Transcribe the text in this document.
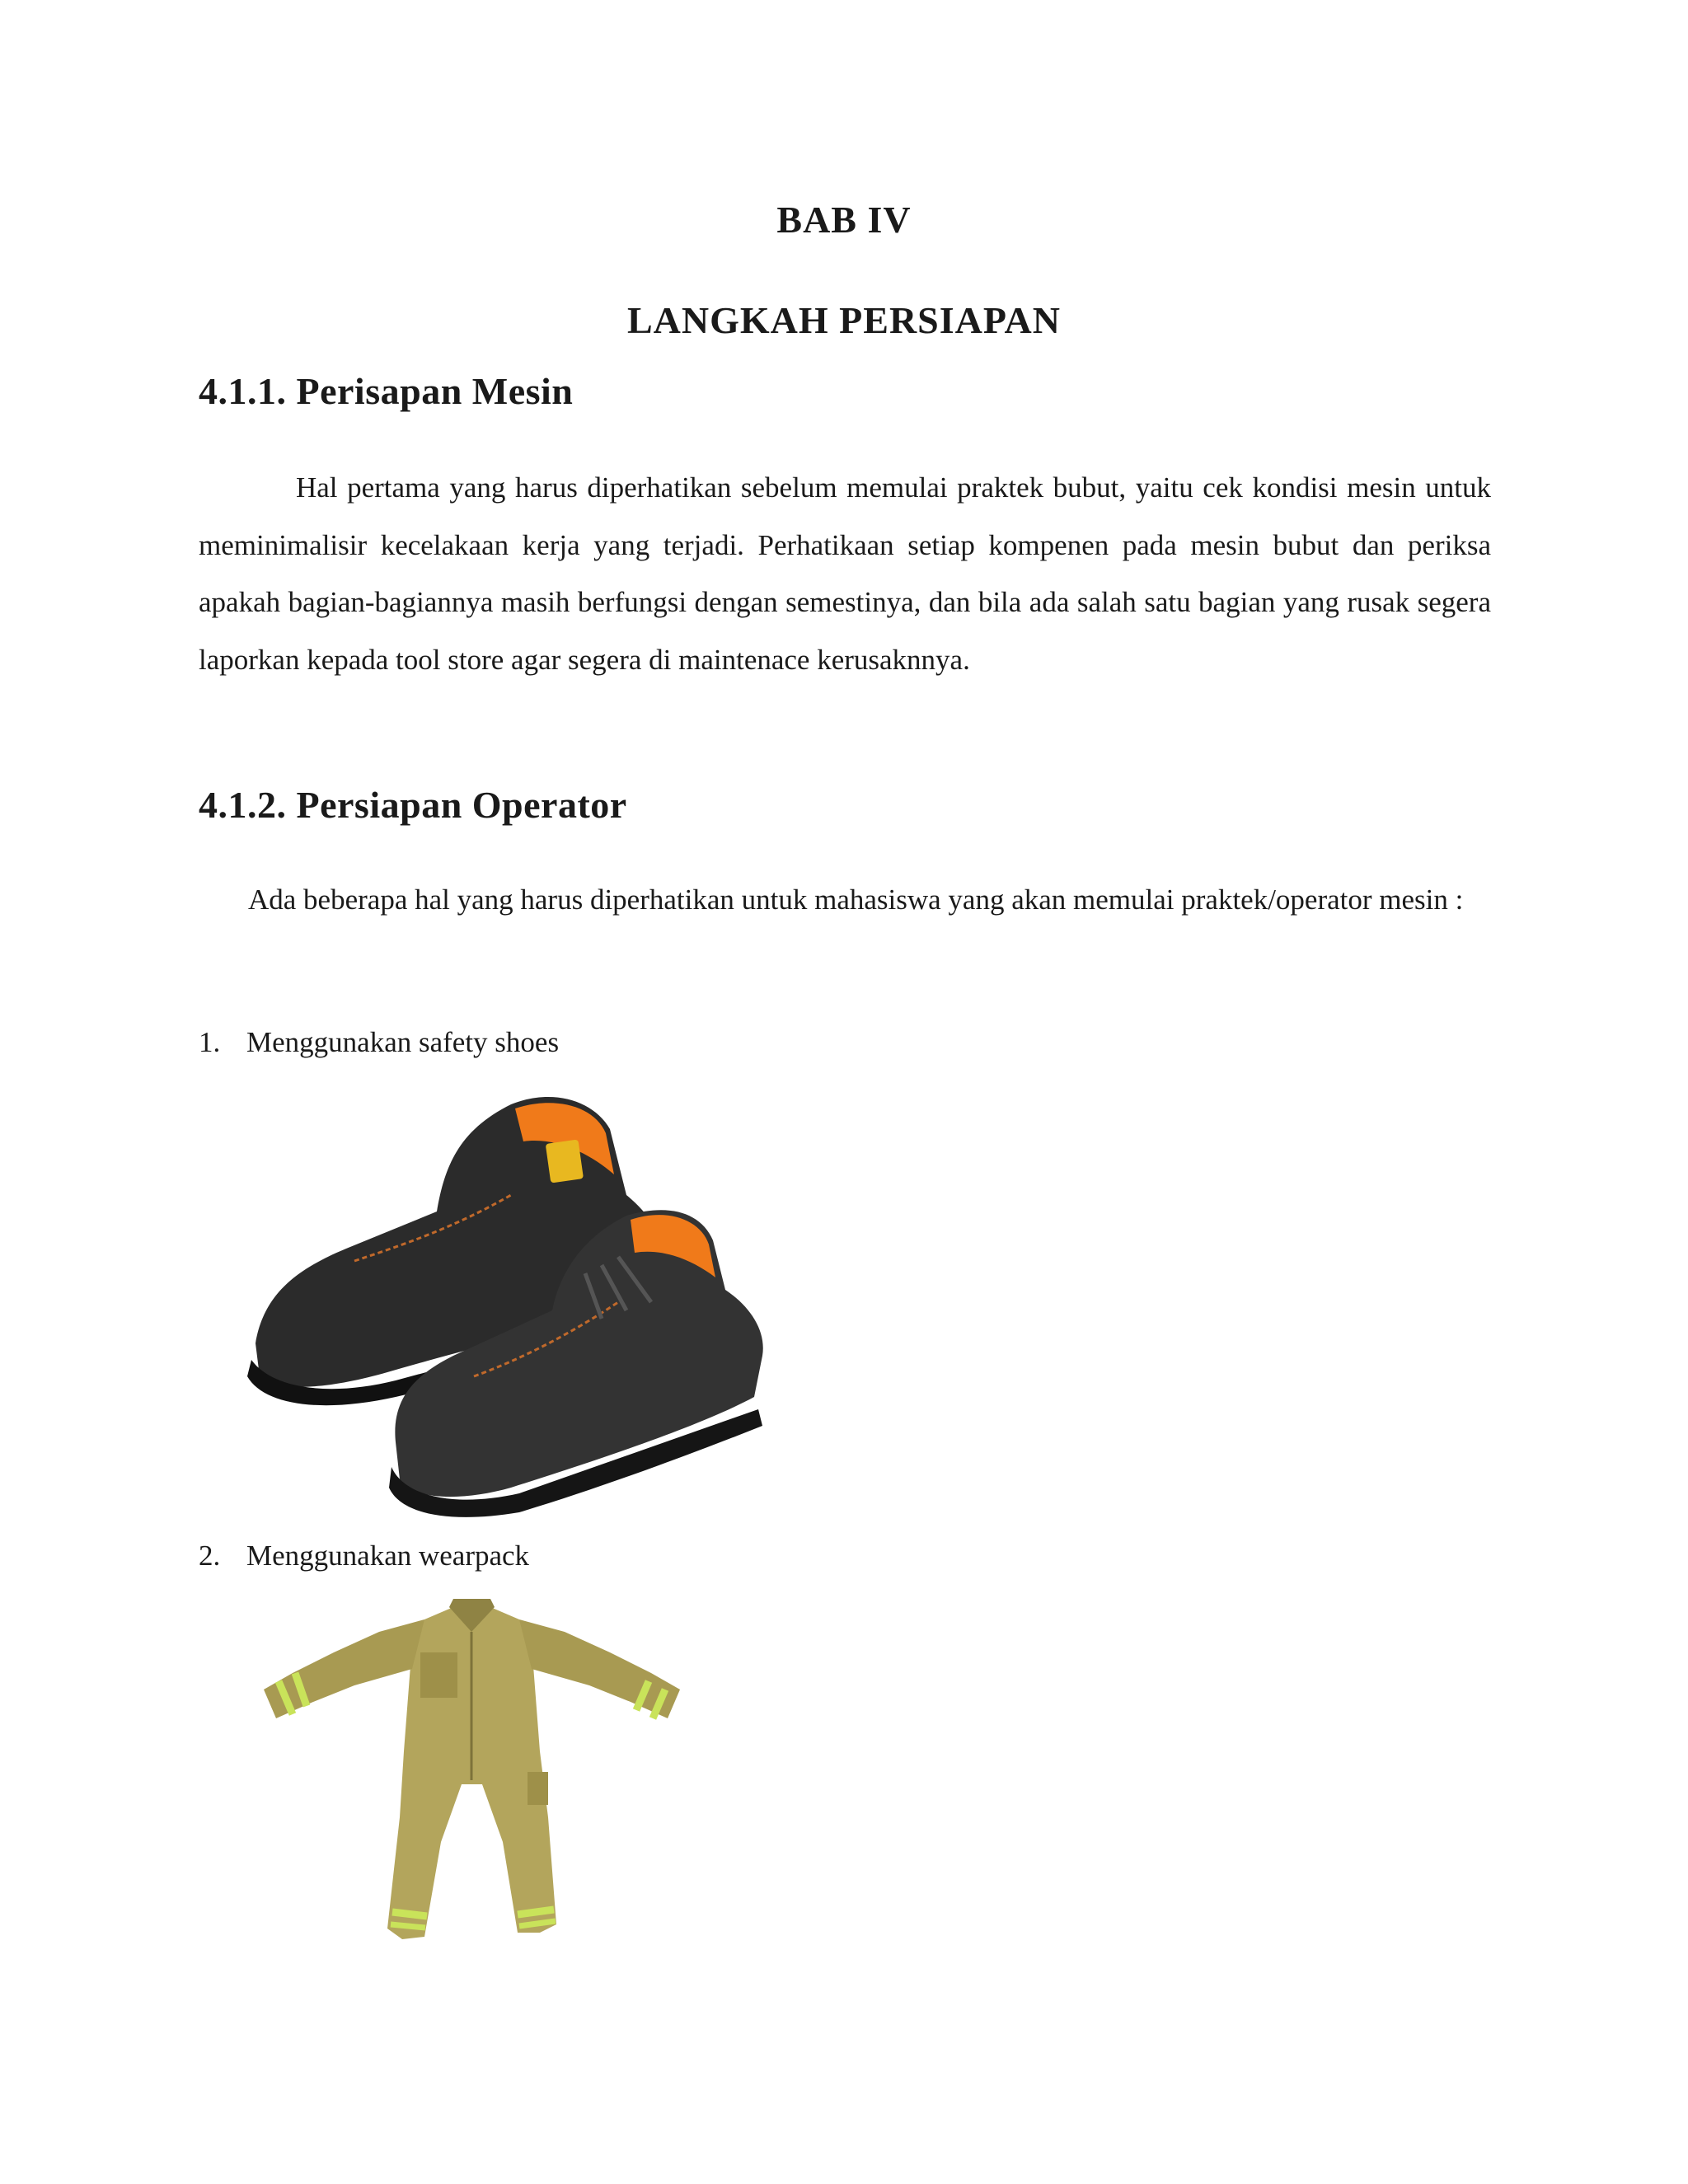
BAB IV
LANGKAH PERSIAPAN
4.1.1. Perisapan Mesin

Hal pertama yang harus diperhatikan sebelum memulai praktek bubut, yaitu cek kondisi mesin untuk meminimalisir kecelakaan kerja yang terjadi. Perhatikaan setiap kompenen pada mesin bubut dan periksa apakah bagian-bagiannya masih berfungsi dengan semestinya, dan bila ada salah satu bagian yang rusak segera laporkan kepada tool store agar segera di maintenace kerusaknnya.

4.1.2. Persiapan Operator

Ada beberapa hal yang harus diperhatikan untuk mahasiswa yang akan memulai praktek/operator mesin :

1. Menggunakan safety shoes

2. Menggunakan wearpack
